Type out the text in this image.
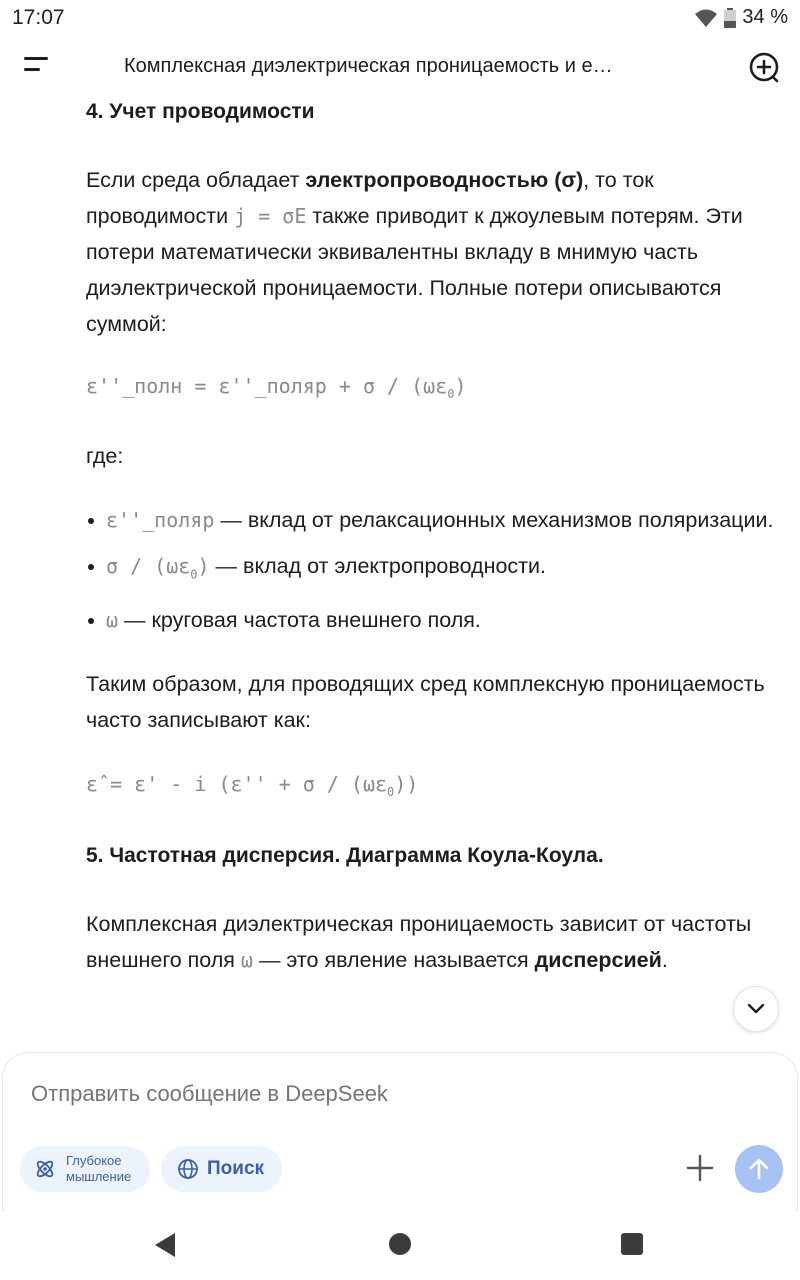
17:07	34 %
Комплексная диэлектрическая проницаемость и е…
4. Учет проводимости

Если среда обладает электропроводностью (σ), то ток проводимости j = σE также приводит к джоулевым потерям. Эти потери математически эквивалентны вкладу в мнимую часть диэлектрической проницаемости. Полные потери описываются суммой:

ε''_полн = ε''_поляр + σ / $(\omega\varepsilon_0)$

где:

ε''_поляр — вклад от релаксационных механизмов поляризации.
σ / $(\omega\varepsilon_0)$ — вклад от электропроводности.
ω — круговая частота внешнего поля.

Таким образом, для проводящих сред комплексную проницаемость часто записывают как:

ε̂ = ε' - i $(\varepsilon'' + \sigma / (\omega\varepsilon_0))$
5. Частотная дисперсия. Диаграмма Коула-Коула.

Комплексная диэлектрическая проницаемость зависит от частоты внешнего поля ω — это явление называется дисперсией.

Отправить сообщение в DeepSeek
Глубокое мышление	Поиск
